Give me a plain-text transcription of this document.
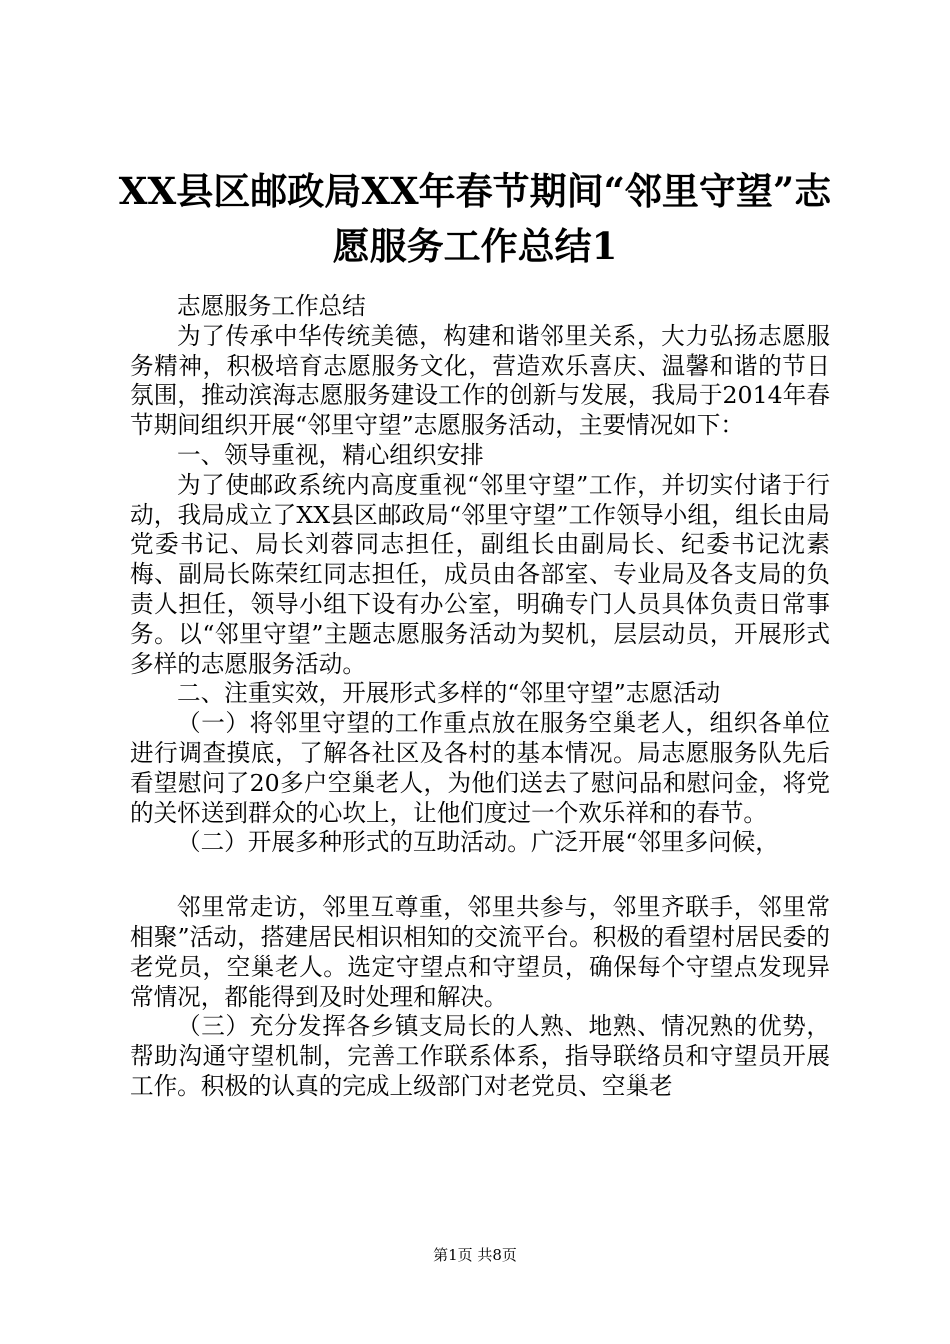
XX县区邮政局XX年春节期间“邻里守望”志
愿服务工作总结1

志愿服务工作总结

为了传承中华传统美德，构建和谐邻里关系，大力弘扬志愿服务精神，积极培育志愿服务文化，营造欢乐喜庆、温馨和谐的节日氛围，推动滨海志愿服务建设工作的创新与发展，我局于2014年春节期间组织开展“邻里守望”志愿服务活动，主要情况如下：

一、领导重视，精心组织安排

为了使邮政系统内高度重视“邻里守望”工作，并切实付诸于行动，我局成立了XX县区邮政局“邻里守望”工作领导小组，组长由局党委书记、局长刘蓉同志担任，副组长由副局长、纪委书记沈素梅、副局长陈荣红同志担任，成员由各部室、专业局及各支局的负责人担任，领导小组下设有办公室，明确专门人员具体负责日常事务。以“邻里守望”主题志愿服务活动为契机，层层动员，开展形式多样的志愿服务活动。

二、注重实效，开展形式多样的“邻里守望”志愿活动

（一）将邻里守望的工作重点放在服务空巢老人，组织各单位进行调查摸底，了解各社区及各村的基本情况。局志愿服务队先后看望慰问了20多户空巢老人，为他们送去了慰问品和慰问金，将党的关怀送到群众的心坎上，让他们度过一个欢乐祥和的春节。

（二）开展多种形式的互助活动。广泛开展“邻里多问候，

邻里常走访，邻里互尊重，邻里共参与，邻里齐联手，邻里常相聚”活动，搭建居民相识相知的交流平台。积极的看望村居民委的老党员，空巢老人。选定守望点和守望员，确保每个守望点发现异常情况，都能得到及时处理和解决。

（三）充分发挥各乡镇支局长的人熟、地熟、情况熟的优势，帮助沟通守望机制，完善工作联系体系，指导联络员和守望员开展工作。积极的认真的完成上级部门对老党员、空巢老

第1页 共8页
